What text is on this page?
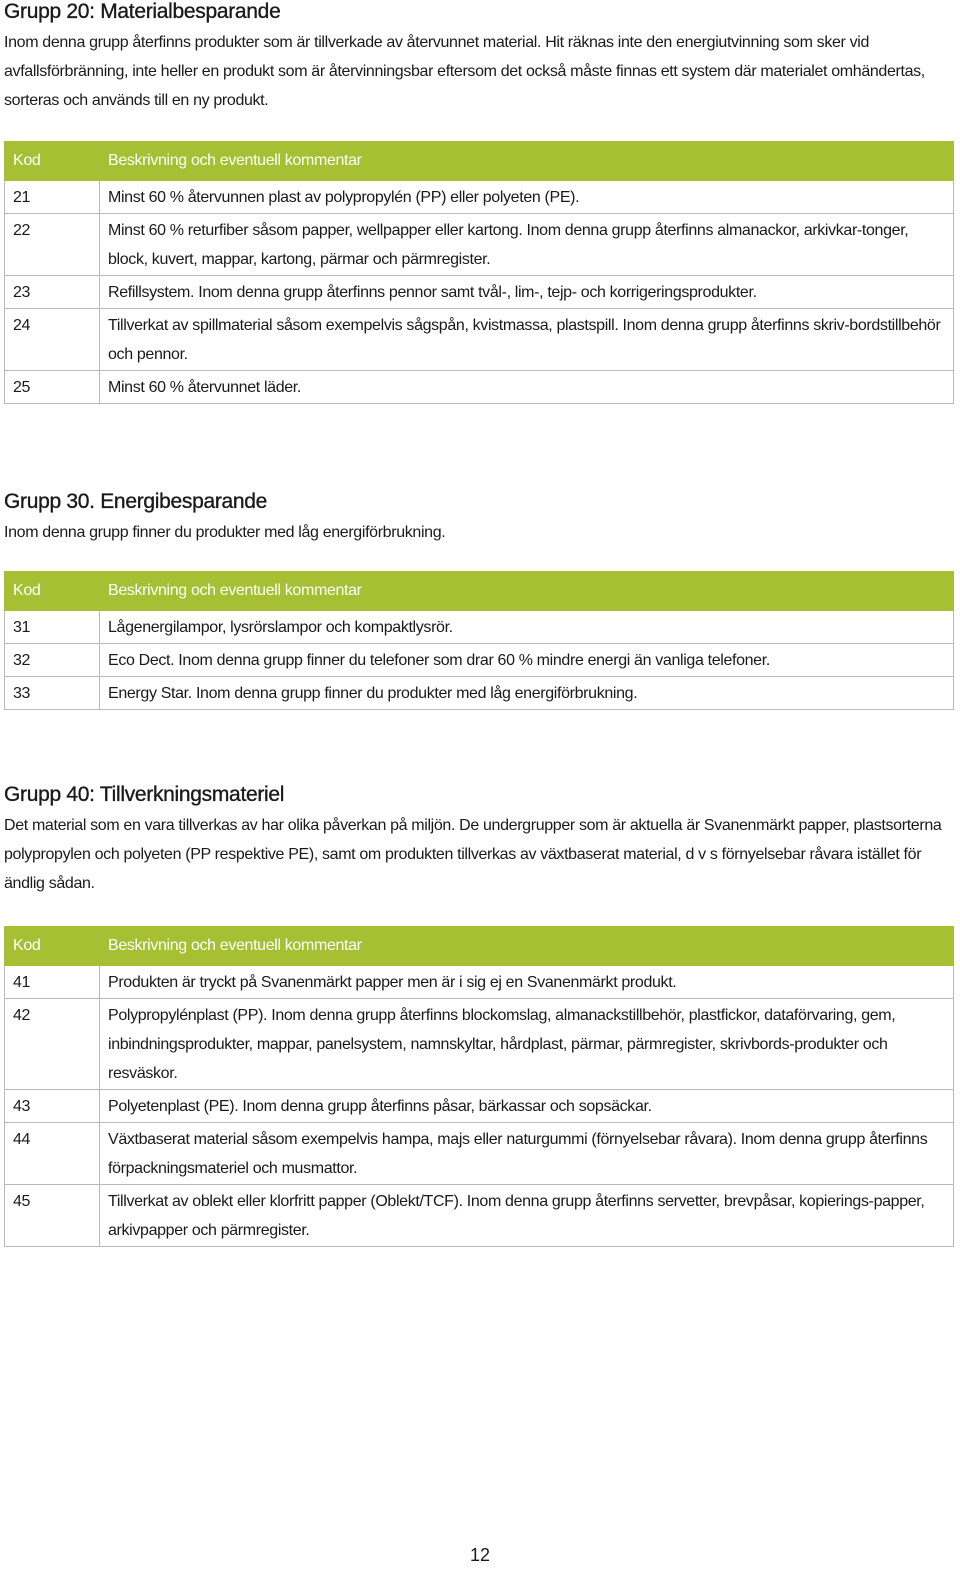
Grupp 20: Materialbesparande

Inom denna grupp återfinns produkter som är tillverkade av återvunnet material. Hit räknas inte den energiutvinning som sker vid avfallsförbränning, inte heller en produkt som är återvinningsbar eftersom det också måste finnas ett system där materialet omhändertas, sorteras och används till en ny produkt.

Kod	Beskrivning och eventuell kommentar

21	Minst 60 % återvunnen plast av polypropylén (PP) eller polyeten (PE).

22	Minst 60 % returfiber såsom papper, wellpapper eller kartong. Inom denna grupp återfinns almanackor, arkivkar-tonger, block, kuvert, mappar, kartong, pärmar och pärmregister.

23	Refillsystem. Inom denna grupp återfinns pennor samt tvål-, lim-, tejp- och korrigeringsprodukter.

24	Tillverkat av spillmaterial såsom exempelvis sågspån, kvistmassa, plastspill. Inom denna grupp återfinns skriv-bordstillbehör och pennor.

25	Minst 60 % återvunnet läder.
Grupp 30. Energibesparande

Inom denna grupp finner du produkter med låg energiförbrukning.

Kod	Beskrivning och eventuell kommentar

31	Lågenergilampor, lysrörslampor och kompaktlysrör.

32	Eco Dect. Inom denna grupp finner du telefoner som drar 60 % mindre energi än vanliga telefoner.

33	Energy Star. Inom denna grupp finner du produkter med låg energiförbrukning.
Grupp 40: Tillverkningsmateriel

Det material som en vara tillverkas av har olika påverkan på miljön. De undergrupper som är aktuella är Svanenmärkt papper, plastsorterna polypropylen och polyeten (PP respektive PE), samt om produkten tillverkas av växtbaserat material, d v s förnyelsebar råvara istället för ändlig sådan.

Kod	Beskrivning och eventuell kommentar

41	Produkten är tryckt på Svanenmärkt papper men är i sig ej en Svanenmärkt produkt.

42	Polypropylénplast (PP). Inom denna grupp återfinns blockomslag, almanackstillbehör, plastfickor, dataförvaring, gem, inbindningsprodukter, mappar, panelsystem, namnskyltar, hårdplast, pärmar, pärmregister, skrivbords-produkter och resväskor.

43	Polyetenplast (PE). Inom denna grupp återfinns påsar, bärkassar och sopsäckar.

44	Växtbaserat material såsom exempelvis hampa, majs eller naturgummi (förnyelsebar råvara). Inom denna grupp återfinns förpackningsmateriel och musmattor.

45	Tillverkat av oblekt eller klorfritt papper (Oblekt/TCF). Inom denna grupp återfinns servetter, brevpåsar, kopierings-papper, arkivpapper och pärmregister.
12
